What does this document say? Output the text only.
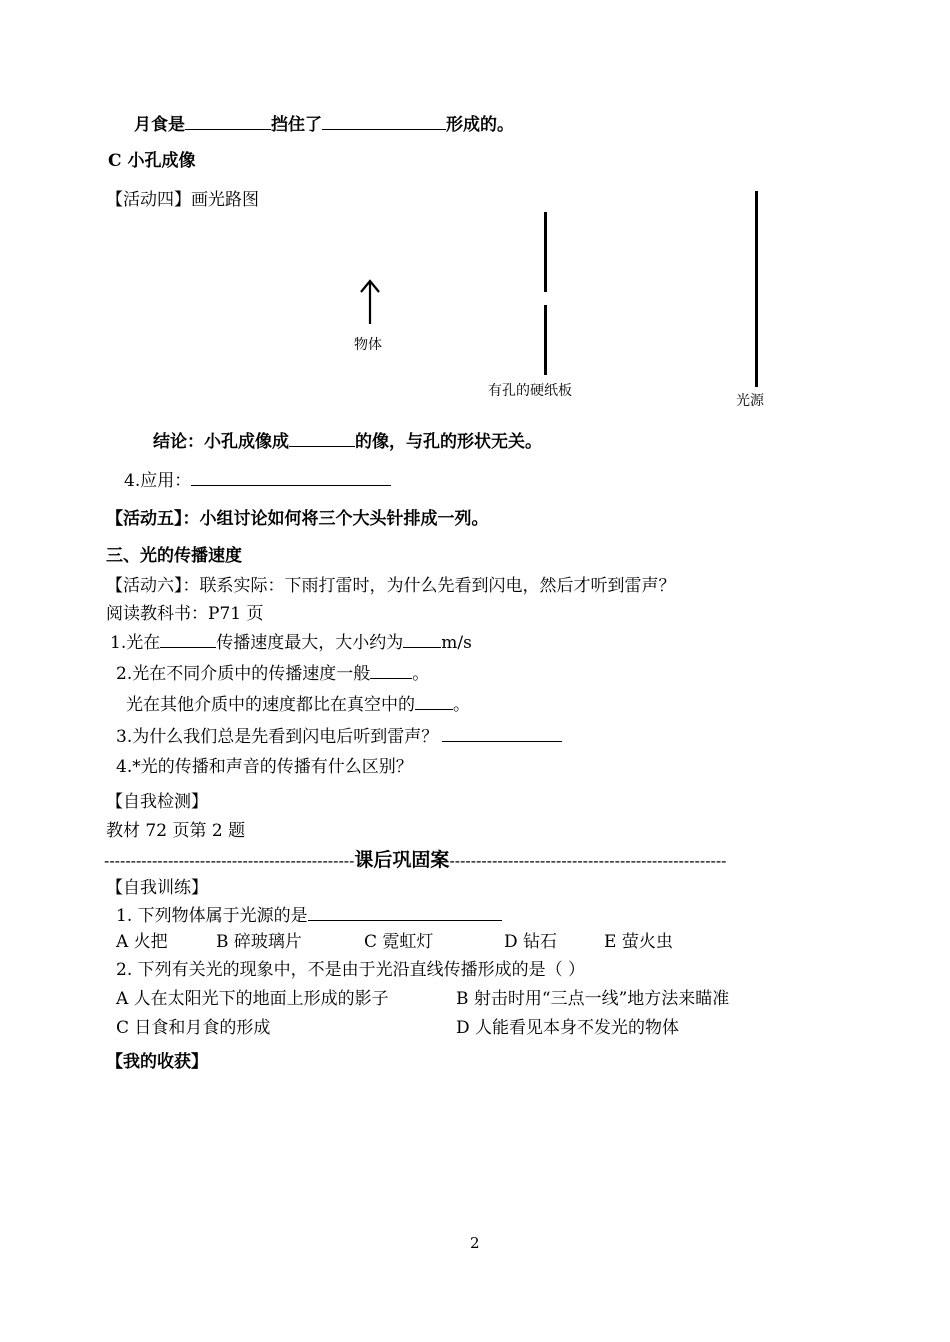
月食是	挡住了	形成的。
C 小孔成像
【活动四】画光路图
物体
有孔的硬纸板
光源
结论：小孔成像成	的像，与孔的形状无关。
4.应用：
【活动五】：小组讨论如何将三个大头针排成一列。
三、光的传播速度
【活动六】：联系实际：下雨打雷时，为什么先看到闪电，然后才听到雷声？
阅读教科书：P71 页
1.光在	传播速度最大，大小约为 m/s
2.光在不同介质中的传播速度一般 。
光在其他介质中的速度都比在真空中的 。
3.为什么我们总是先看到闪电后听到雷声？
4.*光的传播和声音的传播有什么区别？
【自我检测】
教材 72 页第 2 题
-----------------------------------------------课后巩固案----------------------------------------------------
【自我训练】
1. 下列物体属于光源的是
A 火把	B 碎玻璃片	C 霓虹灯	D 钻石	E 萤火虫
2. 下列有关光的现象中，不是由于光沿直线传播形成的是（ ）
A 人在太阳光下的地面上形成的影子	B 射击时用“三点一线”地方法来瞄准
C 日食和月食的形成	D 人能看见本身不发光的物体
【我的收获】
2
